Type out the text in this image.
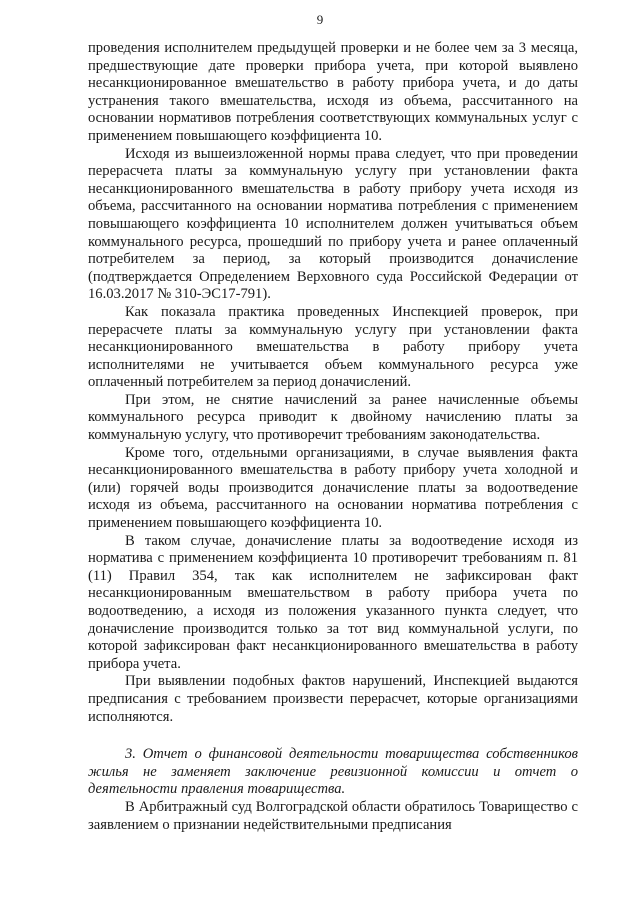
9

проведения исполнителем предыдущей проверки и не более чем за 3 месяца, предшествующие дате проверки прибора учета, при которой выявлено несанкционированное вмешательство в работу прибора учета, и до даты устранения такого вмешательства, исходя из объема, рассчитанного на основании нормативов потребления соответствующих коммунальных услуг с применением повышающего коэффициента 10.

Исходя из вышеизложенной нормы права следует, что при проведении перерасчета платы за коммунальную услугу при установлении факта несанкционированного вмешательства в работу прибору учета исходя из объема, рассчитанного на основании норматива потребления с применением повышающего коэффициента 10 исполнителем должен учитываться объем коммунального ресурса, прошедший по прибору учета и ранее оплаченный потребителем за период, за который производится доначисление (подтверждается Определением Верховного суда Российской Федерации от 16.03.2017 № 310-ЭС17-791).

Как показала практика проведенных Инспекцией проверок, при перерасчете платы за коммунальную услугу при установлении факта несанкционированного вмешательства в работу прибору учета исполнителями не учитывается объем коммунального ресурса уже оплаченный потребителем за период доначислений.

При этом, не снятие начислений за ранее начисленные объемы коммунального ресурса приводит к двойному начислению платы за коммунальную услугу, что противоречит требованиям законодательства.

Кроме того, отдельными организациями, в случае выявления факта несанкционированного вмешательства в работу прибору учета холодной и (или) горячей воды производится доначисление платы за водоотведение исходя из объема, рассчитанного на основании норматива потребления с применением повышающего коэффициента 10.

В таком случае, доначисление платы за водоотведение исходя из норматива с применением коэффициента 10 противоречит требованиям п. 81 (11) Правил 354, так как исполнителем не зафиксирован факт несанкционированным вмешательством в работу прибора учета по водоотведению, а исходя из положения указанного пункта следует, что доначисление производится только за тот вид коммунальной услуги, по которой зафиксирован факт несанкционированного вмешательства в работу прибора учета.

При выявлении подобных фактов нарушений, Инспекцией выдаются предписания с требованием произвести перерасчет, которые организациями исполняются.

3. Отчет о финансовой деятельности товарищества собственников жилья не заменяет заключение ревизионной комиссии и отчет о деятельности правления товарищества.

В Арбитражный суд Волгоградской области обратилось Товарищество с заявлением о признании недействительными предписания
